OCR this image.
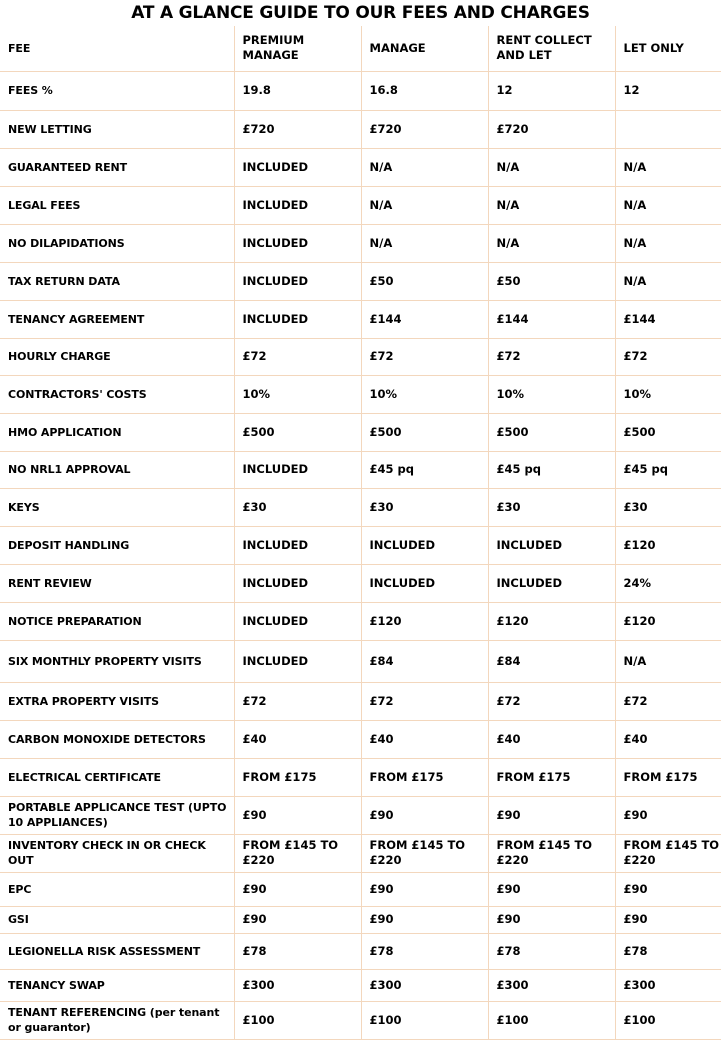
AT A GLANCE GUIDE TO OUR FEES AND CHARGES
FEE	PREMIUM MANAGE	MANAGE	RENT COLLECT AND LET	LET ONLY
FEES %	19.8	16.8	12	12
NEW LETTING	£720	£720	£720	
GUARANTEED RENT	INCLUDED	N/A	N/A	N/A
LEGAL FEES	INCLUDED	N/A	N/A	N/A
NO DILAPIDATIONS	INCLUDED	N/A	N/A	N/A
TAX RETURN DATA	INCLUDED	£50	£50	N/A
TENANCY AGREEMENT	INCLUDED	£144	£144	£144
HOURLY CHARGE	£72	£72	£72	£72
CONTRACTORS' COSTS	10%	10%	10%	10%
HMO APPLICATION	£500	£500	£500	£500
NO NRL1 APPROVAL	INCLUDED	£45 pq	£45 pq	£45 pq
KEYS	£30	£30	£30	£30
DEPOSIT HANDLING	INCLUDED	INCLUDED	INCLUDED	£120
RENT REVIEW	INCLUDED	INCLUDED	INCLUDED	24%
NOTICE PREPARATION	INCLUDED	£120	£120	£120
SIX MONTHLY PROPERTY VISITS	INCLUDED	£84	£84	N/A
EXTRA PROPERTY VISITS	£72	£72	£72	£72
CARBON MONOXIDE DETECTORS	£40	£40	£40	£40
ELECTRICAL CERTIFICATE	FROM £175	FROM £175	FROM £175	FROM £175
PORTABLE APPLICANCE TEST (UPTO 10 APPLIANCES)	£90	£90	£90	£90
INVENTORY CHECK IN OR CHECK OUT	FROM £145 TO £220	FROM £145 TO £220	FROM £145 TO £220	FROM £145 TO £220
EPC	£90	£90	£90	£90
GSI	£90	£90	£90	£90
LEGIONELLA RISK ASSESSMENT	£78	£78	£78	£78
TENANCY SWAP	£300	£300	£300	£300
TENANT REFERENCING (per tenant or guarantor)	£100	£100	£100	£100
